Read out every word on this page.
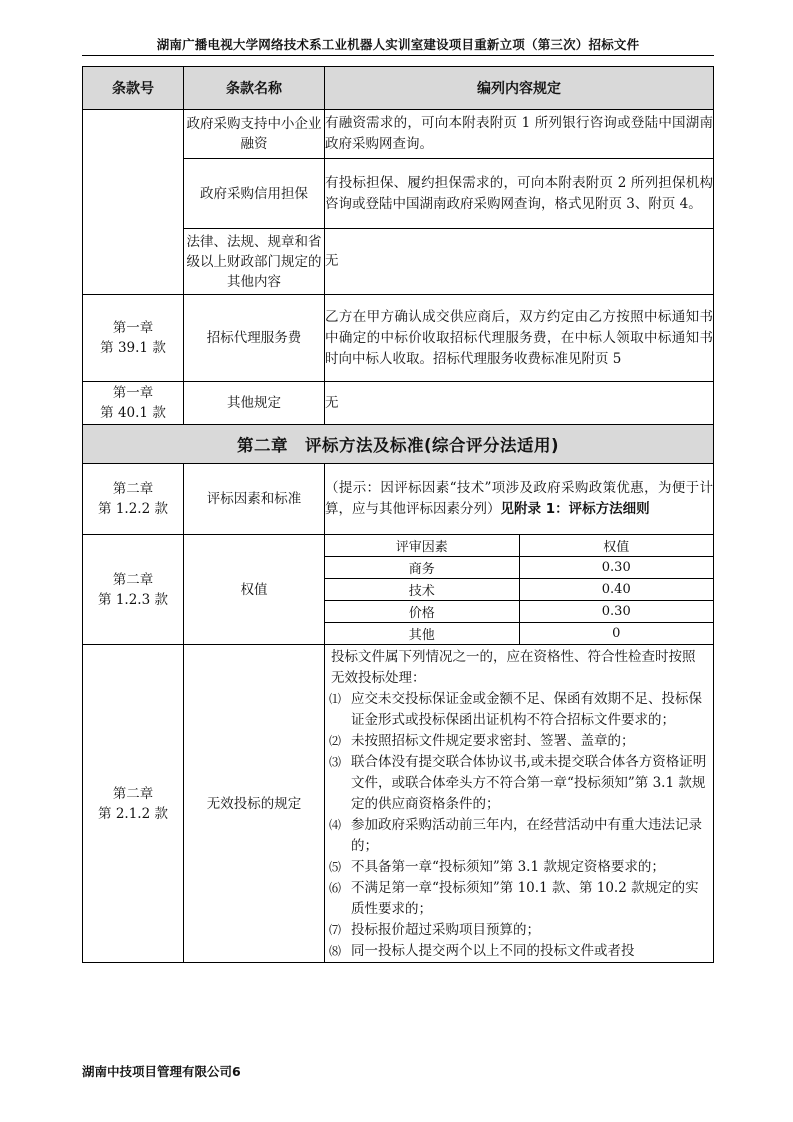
湖南广播电视大学网络技术系工业机器人实训室建设项目重新立项（第三次）招标文件
条款号	条款名称	编列内容规定
	政府采购支持中小企业融资	有融资需求的，可向本附表附页 1 所列银行咨询或登陆中国湖南政府采购网查询。
政府采购信用担保	有投标担保、履约担保需求的，可向本附表附页 2 所列担保机构咨询或登陆中国湖南政府采购网查询，格式见附页 3、附页 4。
法律、法规、规章和省级以上财政部门规定的其他内容	无

第一章
第 39.1 款
	招标代理服务费	乙方在甲方确认成交供应商后，双方约定由乙方按照中标通知书中确定的中标价收取招标代理服务费，在中标人领取中标通知书时向中标人收取。招标代理服务收费标准见附页 5

第一章
第 40.1 款
	其他规定	无
第二章　评标方法及标准(综合评分法适用)

第二章
第 1.2.2 款
	评标因素和标准	（提示：因评标因素“技术”项涉及政府采购政策优惠，为便于计算，应与其他评标因素分列）见附录 1：评标方法细则

第二章
第 1.2.3 款
	权值	
评审因素	权值
商务	0.30
技术	0.40
价格	0.30
其他	0

第二章
第 2.1.2 款
	无效投标的规定	
投标文件属下列情况之一的，应在资格性、符合性检查时按照无效投标处理：
⑴ 应交未交投标保证金或金额不足、保函有效期不足、投标保证金形式或投标保函出证机构不符合招标文件要求的；
⑵ 未按照招标文件规定要求密封、签署、盖章的；
⑶ 联合体没有提交联合体协议书,或未提交联合体各方资格证明文件，或联合体牵头方不符合第一章“投标须知”第 3.1 款规定的供应商资格条件的；
⑷ 参加政府采购活动前三年内，在经营活动中有重大违法记录的；
⑸ 不具备第一章“投标须知”第 3.1 款规定资格要求的；
⑹ 不满足第一章“投标须知”第 10.1 款、第 10.2 款规定的实质性要求的；
⑺ 投标报价超过采购项目预算的；
⑻ 同一投标人提交两个以上不同的投标文件或者投
湖南中技项目管理有限公司6
